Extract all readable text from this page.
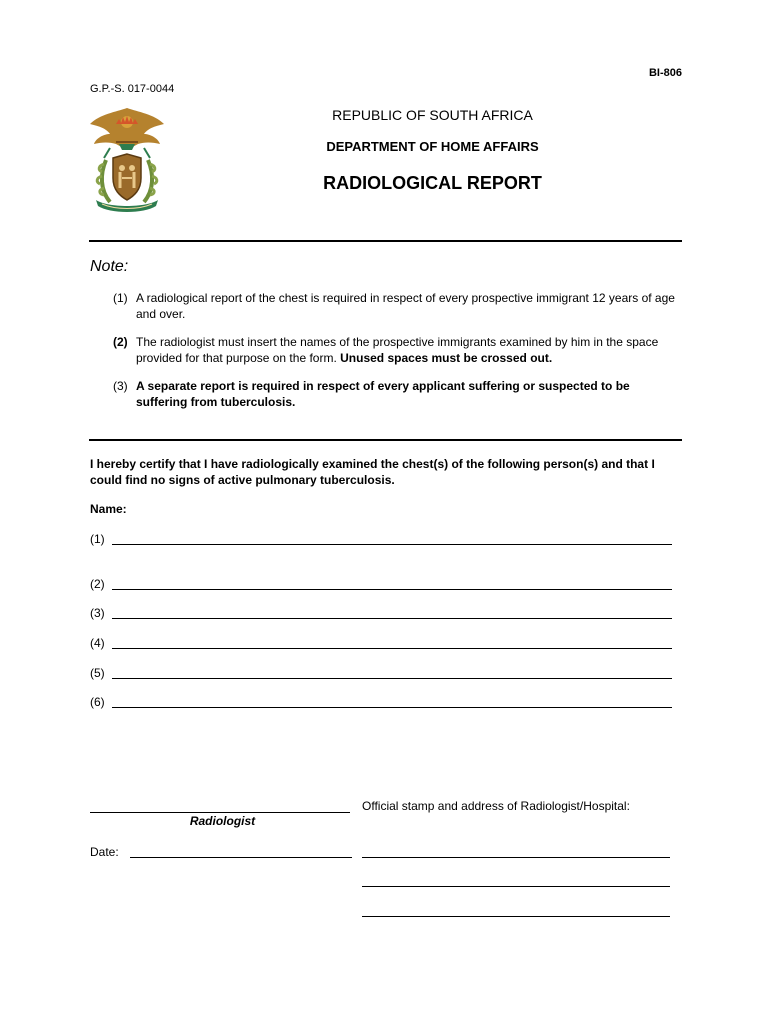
BI-806
G.P.-S. 017-0044
REPUBLIC OF SOUTH AFRICA
DEPARTMENT OF HOME AFFAIRS
RADIOLOGICAL REPORT
Note:
(1) A radiological report of the chest is required in respect of every prospective immigrant 12 years of age and over.
(2) The radiologist must insert the names of the prospective immigrants examined by him in the space provided for that purpose on the form. Unused spaces must be crossed out.
(3) A separate report is required in respect of every applicant suffering or suspected to be suffering from tuberculosis.
I hereby certify that I have radiologically examined the chest(s) of the following person(s) and that I could find no signs of active pulmonary tuberculosis.
Name:
(1)
(2)
(3)
(4)
(5)
(6)
Radiologist
Official stamp and address of Radiologist/Hospital:
Date:
